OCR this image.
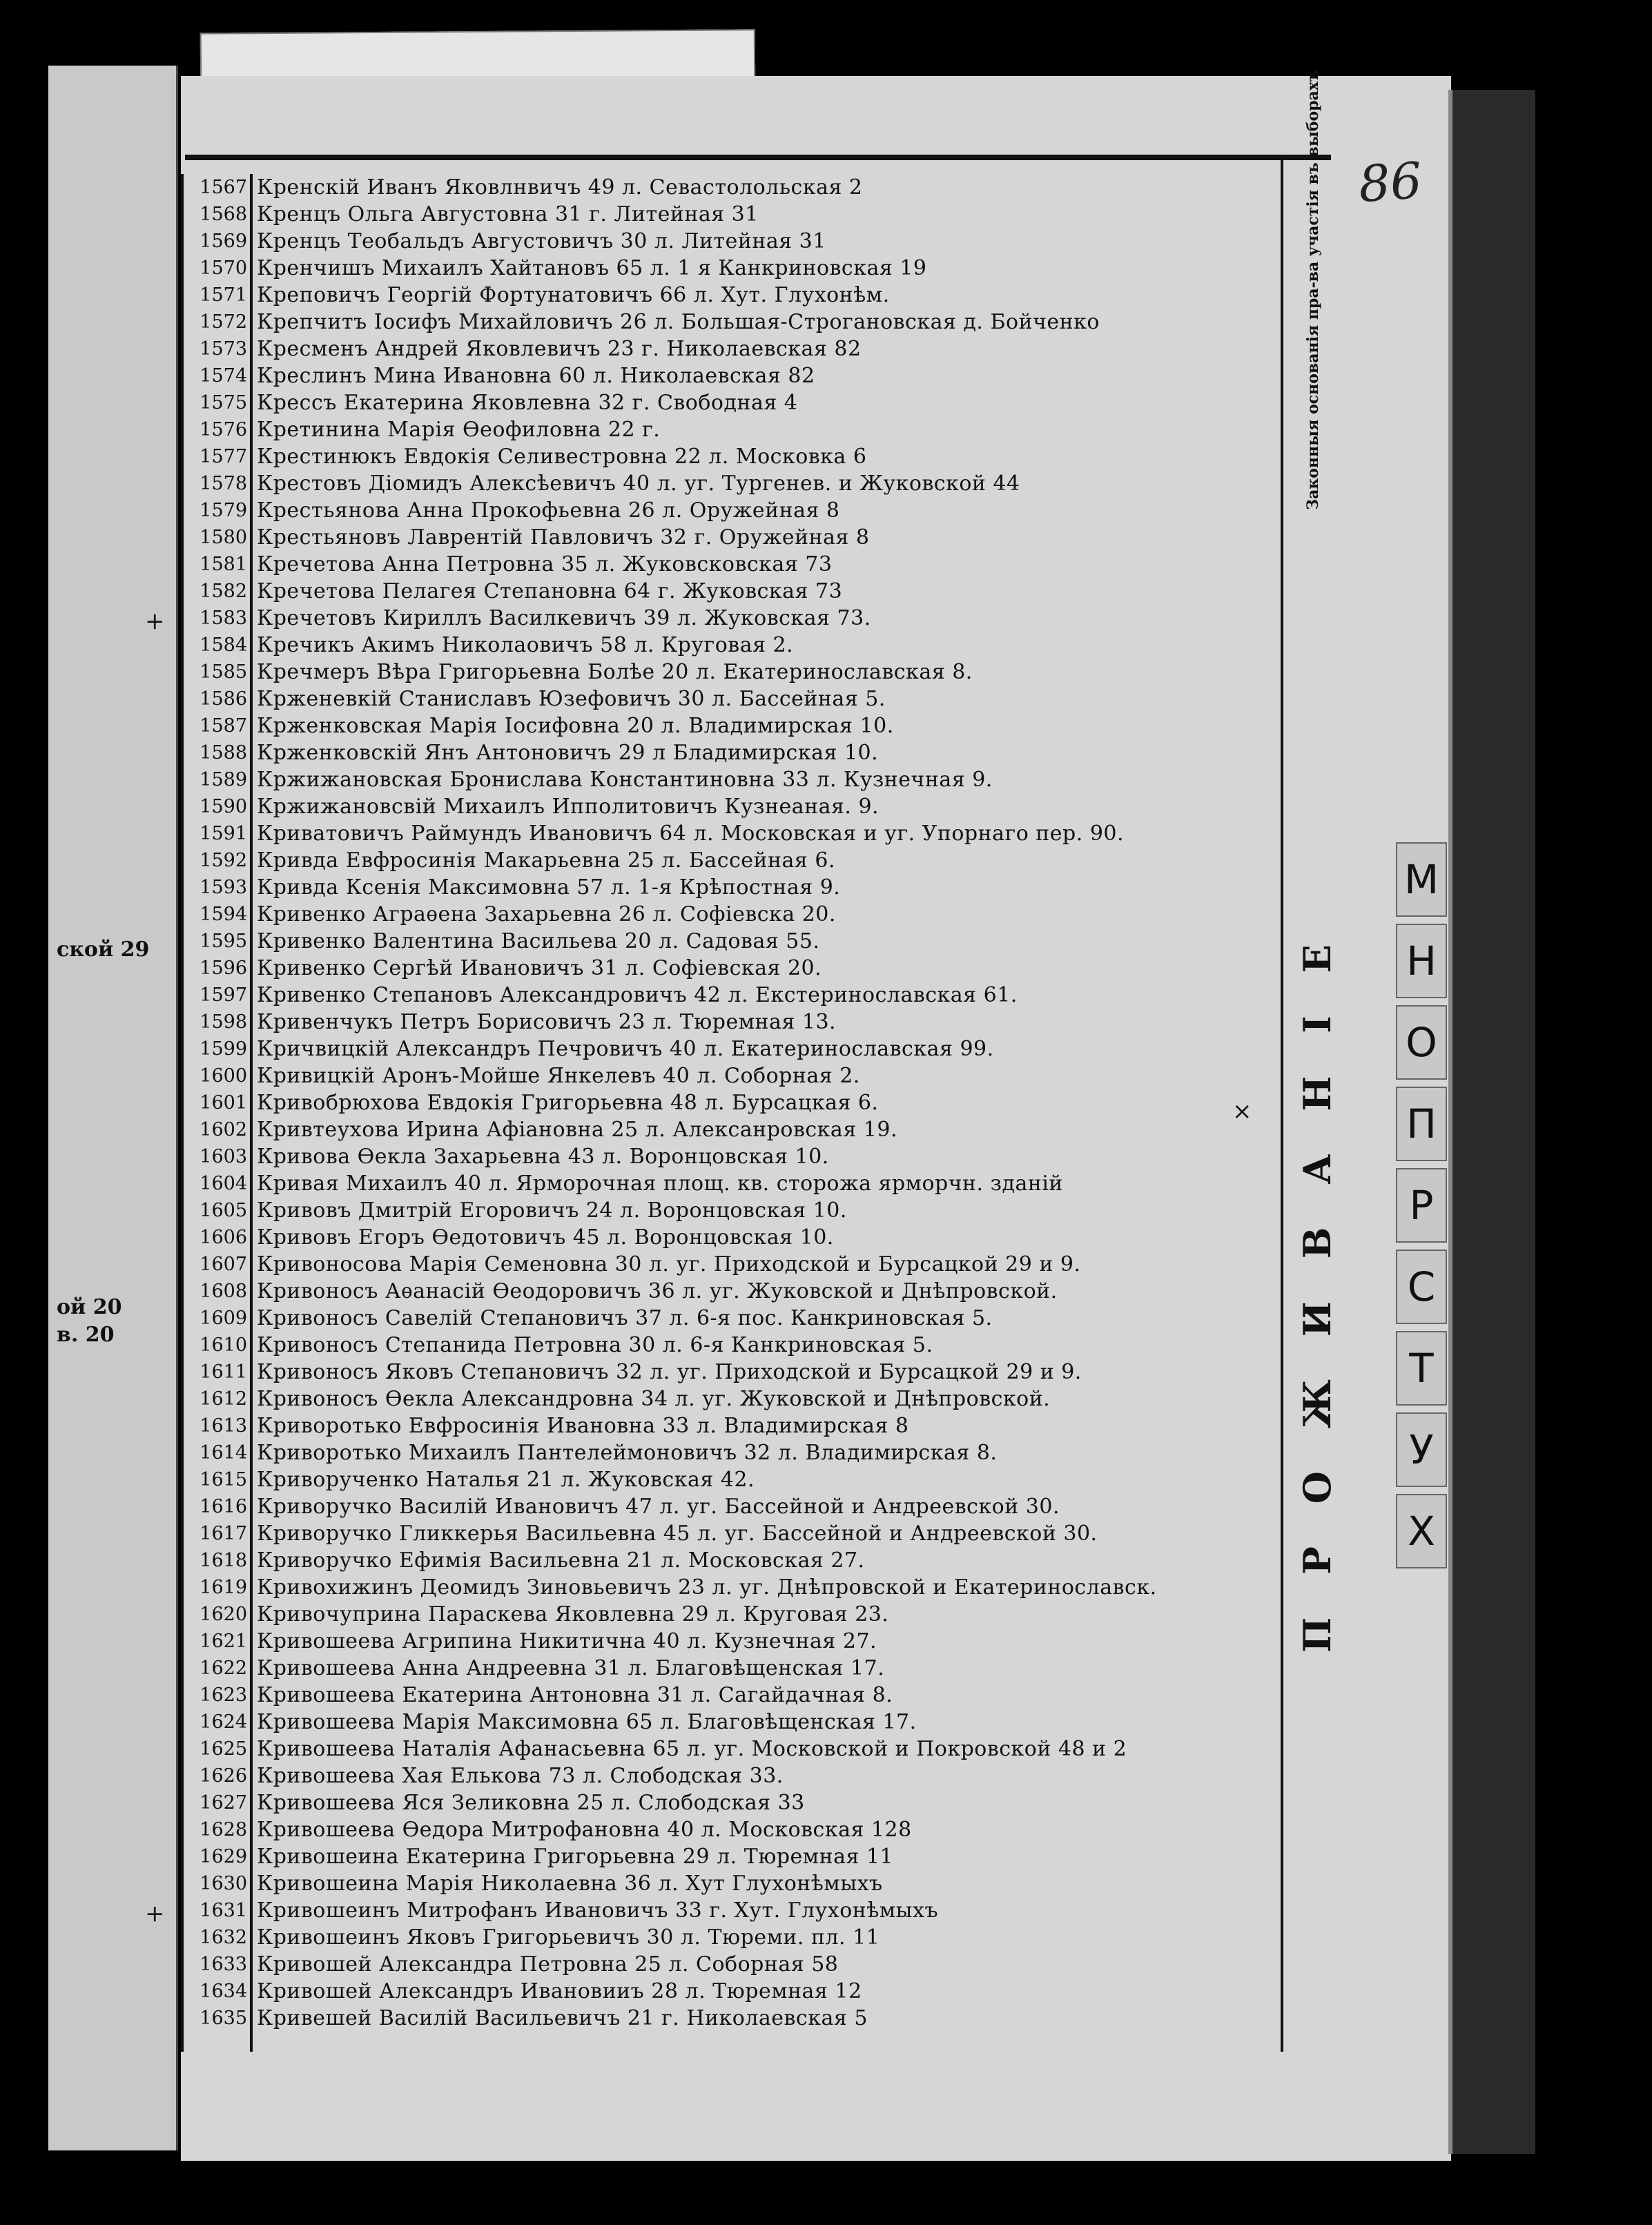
ской 29
ой 20
в. 20
86
Законныя основанія пра-ва участія въ выборахъ
ПРОЖИВАНІЕ
1567 Кренскій Иванъ Яковлнвичъ 49 л. Севастолольская 2
1568 Кренцъ Ольга Августовна 31 г. Литейная 31
1569 Кренцъ Теобальдъ Августовичъ 30 л. Литейная 31
1570 Кренчишъ Михаилъ Хайтановъ 65 л. 1 я Канкриновская 19
1571 Креповичъ Георгій Фортунатовичъ 66 л. Хут. Глухонѣм.
1572 Крепчитъ Іосифъ Михайловичъ 26 л. Большая-Строгановская д. Бойченко
1573 Кресменъ Андрей Яковлевичъ 23 г. Николаевская 82
1574 Креслинъ Мина Ивановна 60 л. Николаевская 82
1575 Крессъ Екатерина Яковлевна 32 г. Свободная 4
1576 Кретинина Марія Ѳеофиловна 22 г.
1577 Крестинюкъ Евдокія Селивестровна 22 л. Московка 6
1578 Крестовъ Діомидъ Алексѣевичъ 40 л. уг. Тургенев. и Жуковской 44
1579 Крестьянова Анна Прокофьевна 26 л. Оружейная 8
1580 Крестьяновъ Лаврентій Павловичъ 32 г. Оружейная 8
1581 Кречетова Анна Петровна 35 л. Жуковсковская 73
1582 Кречетова Пелагея Степановна 64 г. Жуковская 73
1583 Кречетовъ Кириллъ Василкевичъ 39 л. Жуковская 73.
1584 Кречикъ Акимъ Николаовичъ 58 л. Круговая 2.
1585 Кречмеръ Вѣра Григорьевна Болѣе 20 л. Екатеринославская 8.
1586 Крженевкій Станиславъ Юзефовичъ 30 л. Бассейная 5.
1587 Крженковская Марія Іосифовна 20 л. Владимирская 10.
1588 Крженковскій Янъ Антоновичъ 29 л Бладимирская 10.
1589 Кржижановская Бронислава Константиновна 33 л. Кузнечная 9.
1590 Кржижановсвій Михаилъ Ипполитовичъ Кузнеаная. 9.
1591 Криватовичъ Раймундъ Ивановичъ 64 л. Московская и уг. Упорнаго пер. 90.
1592 Кривда Евфросинія Макарьевна 25 л. Бассейная 6.
1593 Кривда Ксенія Максимовна 57 л. 1-я Крѣпостная 9.
1594 Кривенко Аграѳена Захарьевна 26 л. Софіевска 20.
1595 Кривенко Валентина Васильева 20 л. Садовая 55.
1596 Кривенко Сергѣй Ивановичъ 31 л. Софіевская 20.
1597 Кривенко Степановъ Александровичъ 42 л. Екстеринославская 61.
1598 Кривенчукъ Петръ Борисовичъ 23 л. Тюремная 13.
1599 Кричвицкій Александръ Печровичъ 40 л. Екатеринославская 99.
1600 Кривицкій Аронъ-Мойше Янкелевъ 40 л. Соборная 2.
1601 Кривобрюхова Евдокія Григорьевна 48 л. Бурсацкая 6.
1602 Кривтеухова Ирина Афіановна 25 л. Алексанровская 19.
1603 Кривова Ѳекла Захарьевна 43 л. Воронцовская 10.
1604 Кривая Михаилъ 40 л. Ярморочная площ. кв. сторожа ярморчн. зданій
1605 Кривовъ Дмитрій Егоровичъ 24 л. Воронцовская 10.
1606 Кривовъ Егоръ Ѳедотовичъ 45 л. Воронцовская 10.
1607 Кривоносова Марія Семеновна 30 л. уг. Приходской и Бурсацкой 29 и 9.
1608 Кривоносъ Аѳанасій Ѳеодоровичъ 36 л. уг. Жуковской и Днѣпровской.
1609 Кривоносъ Савелій Степановичъ 37 л. 6-я пос. Канкриновская 5.
1610 Кривоносъ Степанида Петровна 30 л. 6-я Канкриновская 5.
1611 Кривоносъ Яковъ Степановичъ 32 л. уг. Приходской и Бурсацкой 29 и 9.
1612 Кривоносъ Ѳекла Александровна 34 л. уг. Жуковской и Днѣпровской.
1613 Криворотько Евфросинія Ивановна 33 л. Владимирская 8
1614 Криворотько Михаилъ Пантелеймоновичъ 32 л. Владимирская 8.
1615 Криворученко Наталья 21 л. Жуковская 42.
1616 Криворучко Василій Ивановичъ 47 л. уг. Бассейной и Андреевской 30.
1617 Криворучко Гликкерья Васильевна 45 л. уг. Бассейной и Андреевской 30.
1618 Криворучко Ефимія Васильевна 21 л. Московская 27.
1619 Кривохижинъ Деомидъ Зиновьевичъ 23 л. уг. Днѣпровской и Екатеринославск.
1620 Кривочуприна Параскева Яковлевна 29 л. Круговая 23.
1621 Кривошеева Агрипина Никитична 40 л. Кузнечная 27.
1622 Кривошеева Анна Андреевна 31 л. Благовѣщенская 17.
1623 Кривошеева Екатерина Антоновна 31 л. Сагайдачная 8.
1624 Кривошеева Марія Максимовна 65 л. Благовѣщенская 17.
1625 Кривошеева Наталія Афанасьевна 65 л. уг. Московской и Покровской 48 и 2
1626 Кривошеева Хая Елькова 73 л. Слободская 33.
1627 Кривошеева Яся Зеликовна 25 л. Слободская 33
1628 Кривошеева Ѳедора Митрофановна 40 л. Московская 128
1629 Кривошеина Екатерина Григорьевна 29 л. Тюремная 11
1630 Кривошеина Марія Николаевна 36 л. Хут Глухонѣмыхъ
1631 Кривошеинъ Митрофанъ Ивановичъ 33 г. Хут. Глухонѣмыхъ
1632 Кривошеинъ Яковъ Григорьевичъ 30 л. Тюреми. пл. 11
1633 Кривошей Александра Петровна 25 л. Соборная 58
1634 Кривошей Александръ Ивановииъ 28 л. Тюремная 12
1635 Кривешей Василій Васильевичъ 21 г. Николаевская 5
М
Н
О
П
Р
С
Т
У
Х
×
+
+
